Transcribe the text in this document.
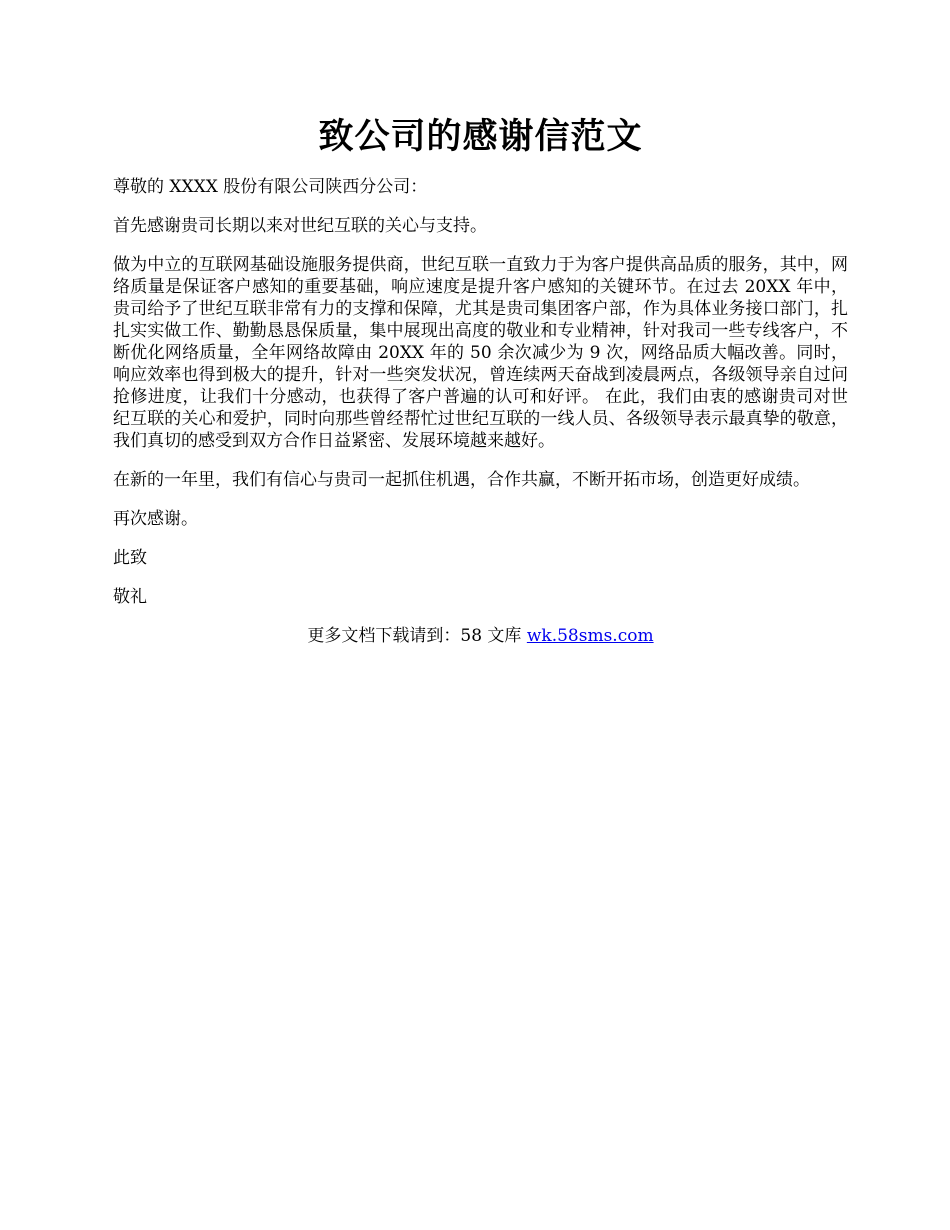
致公司的感谢信范文

尊敬的 XXXX 股份有限公司陕西分公司：

首先感谢贵司长期以来对世纪互联的关心与支持。

做为中立的互联网基础设施服务提供商，世纪互联一直致力于为客户提供高品质的服务，其中，网络质量是保证客户感知的重要基础，响应速度是提升客户感知的关键环节。在过去 20XX 年中，贵司给予了世纪互联非常有力的支撑和保障，尤其是贵司集团客户部，作为具体业务接口部门，扎扎实实做工作、勤勤恳恳保质量，集中展现出高度的敬业和专业精神，针对我司一些专线客户，不断优化网络质量，全年网络故障由 20XX 年的 50 余次减少为 9 次，网络品质大幅改善。同时，响应效率也得到极大的提升，针对一些突发状况，曾连续两天奋战到凌晨两点，各级领导亲自过问抢修进度，让我们十分感动，也获得了客户普遍的认可和好评。 在此，我们由衷的感谢贵司对世纪互联的关心和爱护，同时向那些曾经帮忙过世纪互联的一线人员、各级领导表示最真挚的敬意，我们真切的感受到双方合作日益紧密、发展环境越来越好。

在新的一年里，我们有信心与贵司一起抓住机遇，合作共赢，不断开拓市场，创造更好成绩。

再次感谢。

此致

敬礼

更多文档下载请到：58 文库 wk.58sms.com
